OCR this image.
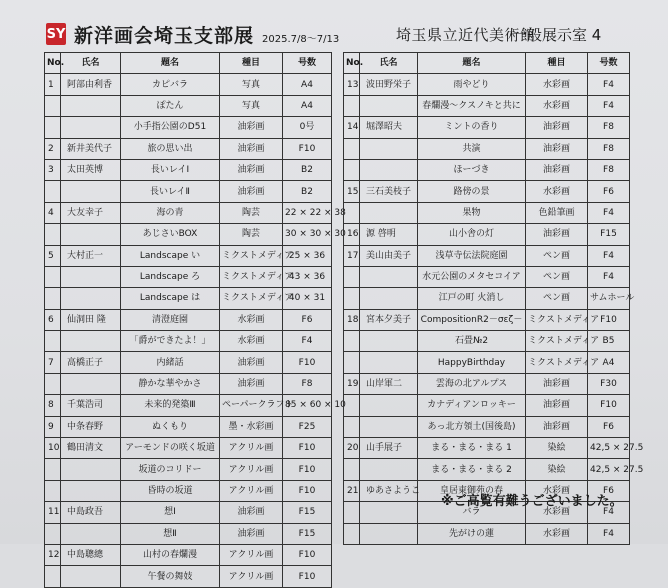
SY 新洋画会埼玉支部展 2025.7/8～7/13	埼玉県立近代美術館
一般展示室 4
No.	氏名	題名	種目	号数
1	阿部由利香	カピバラ	写真	A4
		ぽたん	写真	A4
		小手指公園のD51	油彩画	0号
2	新井美代子	旅の思い出	油彩画	F10
3	太田英博	長いレイⅠ	油彩画	B2
		長いレイⅡ	油彩画	B2
4	大友幸子	海の青	陶芸	22 × 22 × 38
		あじさいBOX	陶芸	30 × 30 × 30
5	大村正一	Landscape い	ミクストメディア	25 × 36
		Landscape ろ	ミクストメディア	43 × 36
		Landscape は	ミクストメディア	40 × 31
6	仙洞田 隆	清澄庭園	水彩画	F6
		「爵ができたよ！」	水彩画	F4
7	高橋正子	内緒話	油彩画	F10
		静かな華やかさ	油彩画	F8
8	千葉浩司	未来的発築Ⅲ	ペーパークラフト	85 × 60 × 10
9	中条春野	ぬくもり	墨・水彩画	F25
10	鶴田清文	アーモンドの咲く坂道	アクリル画	F10
		坂道のコリドー	アクリル画	F10
		昏時の坂道	アクリル画	F10
11	中島政吾	想Ⅰ	油彩画	F15
		想Ⅱ	油彩画	F15
12	中島聰總	山村の春爛漫	アクリル画	F10
		午餐の舞妓	アクリル画	F10
No.	氏名	題名	種目	号数
13	波田野栄子	雨やどり	水彩画	F4
		春爛漫～クスノキと共に	水彩画	F4
14	堀澤昭夫	ミントの香り	油彩画	F8
		共演	油彩画	F8
		ほーづき	油彩画	F8
15	三石美枝子	路傍の景	水彩画	F6
		果物	色鉛筆画	F4
16	源 啓明	山小舎の灯	油彩画	F15
17	美山由美子	浅草寺伝法院庭園	ペン画	F4
		水元公園のメタセコイア	ペン画	F4
		江戸の町 火消し	ペン画	サムホール
18	宮本夕美子	CompositionR2－σεζ－	ミクストメディア	F10
		石畳№2	ミクストメディア	B5
		HappyBirthday	ミクストメディア	A4
19	山岸軍二	雲海の北アルプス	油彩画	F30
		カナディアンロッキー	油彩画	F10
		あっ北方領土(国後島)	油彩画	F6
20	山手展子	まる・まる・まる 1	染絵	42,5 × 27.5
		まる・まる・まる 2	染絵	42,5 × 27.5
21	ゆあさようこ	皇居東御苑の春	水彩画	F6
		バラ	水彩画	F4
		先がけの蓮	水彩画	F4
※ご高覧有難うございました。
